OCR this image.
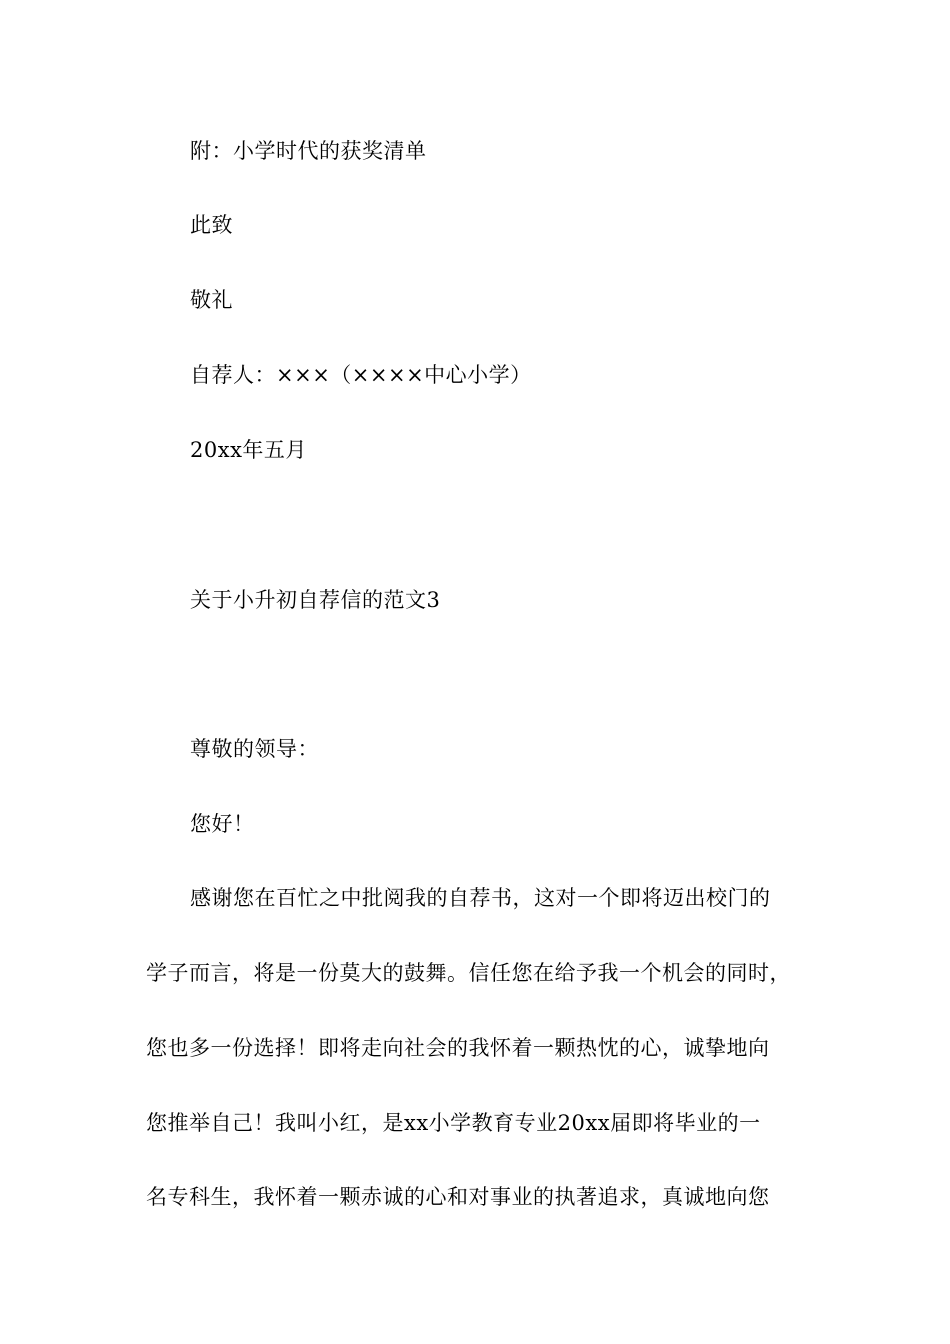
附：小学时代的获奖清单
此致
敬礼
自荐人：×××（××××中心小学）
20xx年五月
关于小升初自荐信的范文3
尊敬的领导：
您好！
感谢您在百忙之中批阅我的自荐书，这对一个即将迈出校门的
学子而言，将是一份莫大的鼓舞。信任您在给予我一个机会的同时，
您也多一份选择！即将走向社会的我怀着一颗热忱的心，诚挚地向
您推举自己！我叫小红，是xx小学教育专业20xx届即将毕业的一
名专科生，我怀着一颗赤诚的心和对事业的执著追求，真诚地向您
